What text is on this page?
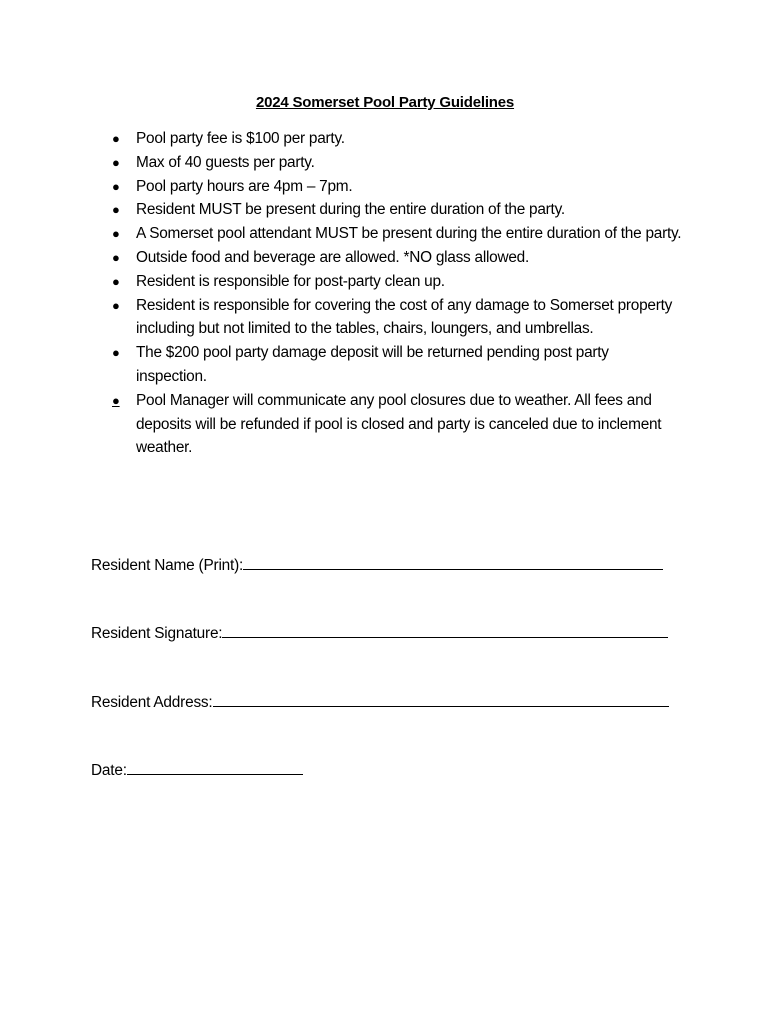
2024 Somerset Pool Party Guidelines
● Pool party fee is $100 per party.
● Max of 40 guests per party.
● Pool party hours are 4pm – 7pm.
● Resident MUST be present during the entire duration of the party.
● A Somerset pool attendant MUST be present during the entire duration of the party.
● Outside food and beverage are allowed. *NO glass allowed.
● Resident is responsible for post-party clean up.
● Resident is responsible for covering the cost of any damage to Somerset property including but not limited to the tables, chairs, loungers, and umbrellas.
● The $200 pool party damage deposit will be returned pending post party inspection.
● Pool Manager will communicate any pool closures due to weather. All fees and deposits will be refunded if pool is closed and party is canceled due to inclement weather.
Resident Name (Print):
Resident Signature:
Resident Address:
Date:
